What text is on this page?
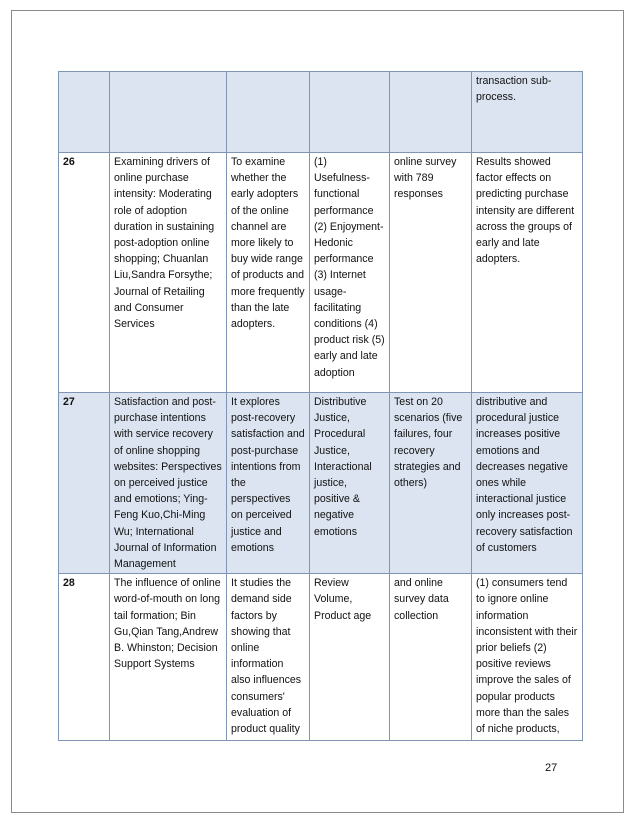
					transaction sub-process.
26	Examining drivers of online purchase intensity: Moderating role of adoption duration in sustaining post-adoption online shopping; Chuanlan Liu,Sandra Forsythe; Journal of Retailing and Consumer Services	To examine whether the early adopters of the online channel are more likely to buy wide range of products and more frequently than the late adopters.	(1) Usefulness-functional performance (2) Enjoyment-Hedonic performance (3) Internet usage-facilitating conditions (4) product risk (5) early and late adoption	online survey with 789 responses	Results showed factor effects on predicting purchase intensity are different across the groups of early and late adopters.
27	Satisfaction and post-purchase intentions with service recovery of online shopping websites: Perspectives on perceived justice and emotions; Ying-Feng Kuo,Chi-Ming Wu; International Journal of Information Management	It explores post-recovery satisfaction and post-purchase intentions from the perspectives on perceived justice and emotions	Distributive Justice, Procedural Justice, Interactional justice, positive & negative emotions	Test on 20 scenarios (five failures, four recovery strategies and others)	distributive and procedural justice increases positive emotions and decreases negative ones while interactional justice only increases post-recovery satisfaction of customers
28	The influence of online word-of-mouth on long tail formation; Bin Gu,Qian Tang,Andrew B. Whinston; Decision Support Systems	It studies the demand side factors by showing that online information also influences consumers' evaluation of product quality	Review Volume, Product age	and online survey data collection	(1) consumers tend to ignore online information inconsistent with their prior beliefs (2) positive reviews improve the sales of popular products more than the sales of niche products,
27
